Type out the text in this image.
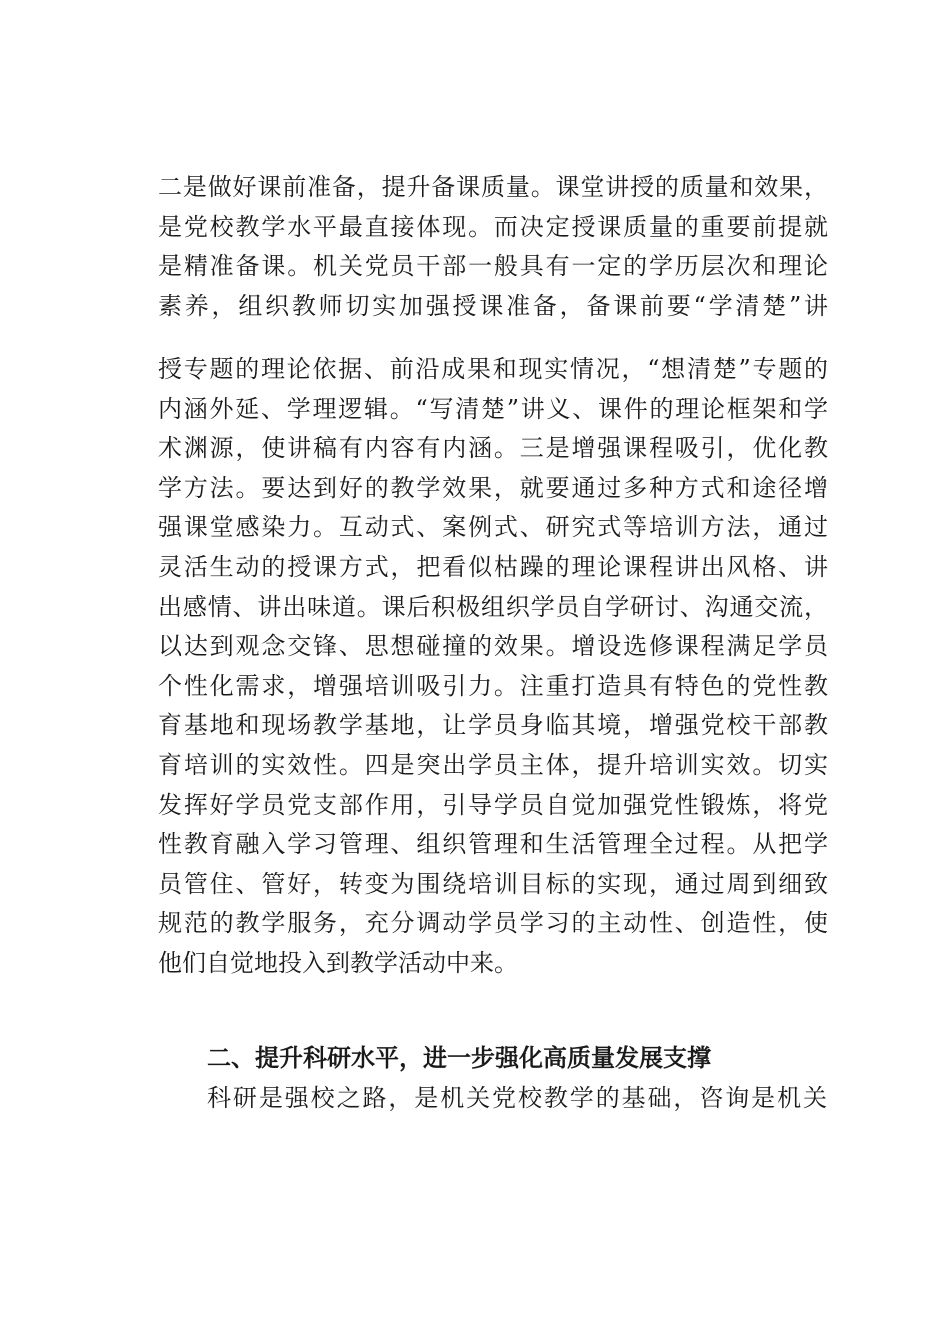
二是做好课前准备，提升备课质量。课堂讲授的质量和效果，
是党校教学水平最直接体现。而决定授课质量的重要前提就
是精准备课。机关党员干部一般具有一定的学历层次和理论
素养，组织教师切实加强授课准备，备课前要“学清楚”讲
授专题的理论依据、前沿成果和现实情况，“想清楚”专题的
内涵外延、学理逻辑。“写清楚”讲义、课件的理论框架和学
术渊源，使讲稿有内容有内涵。三是增强课程吸引，优化教
学方法。要达到好的教学效果，就要通过多种方式和途径增
强课堂感染力。互动式、案例式、研究式等培训方法，通过
灵活生动的授课方式，把看似枯躁的理论课程讲出风格、讲
出感情、讲出味道。课后积极组织学员自学研讨、沟通交流，
以达到观念交锋、思想碰撞的效果。增设选修课程满足学员
个性化需求，增强培训吸引力。注重打造具有特色的党性教
育基地和现场教学基地，让学员身临其境，增强党校干部教
育培训的实效性。四是突出学员主体，提升培训实效。切实
发挥好学员党支部作用，引导学员自觉加强党性锻炼，将党
性教育融入学习管理、组织管理和生活管理全过程。从把学
员管住、管好，转变为围绕培训目标的实现，通过周到细致
规范的教学服务，充分调动学员学习的主动性、创造性，使
他们自觉地投入到教学活动中来。
二、提升科研水平，进一步强化高质量发展支撑
科研是强校之路，是机关党校教学的基础，咨询是机关
